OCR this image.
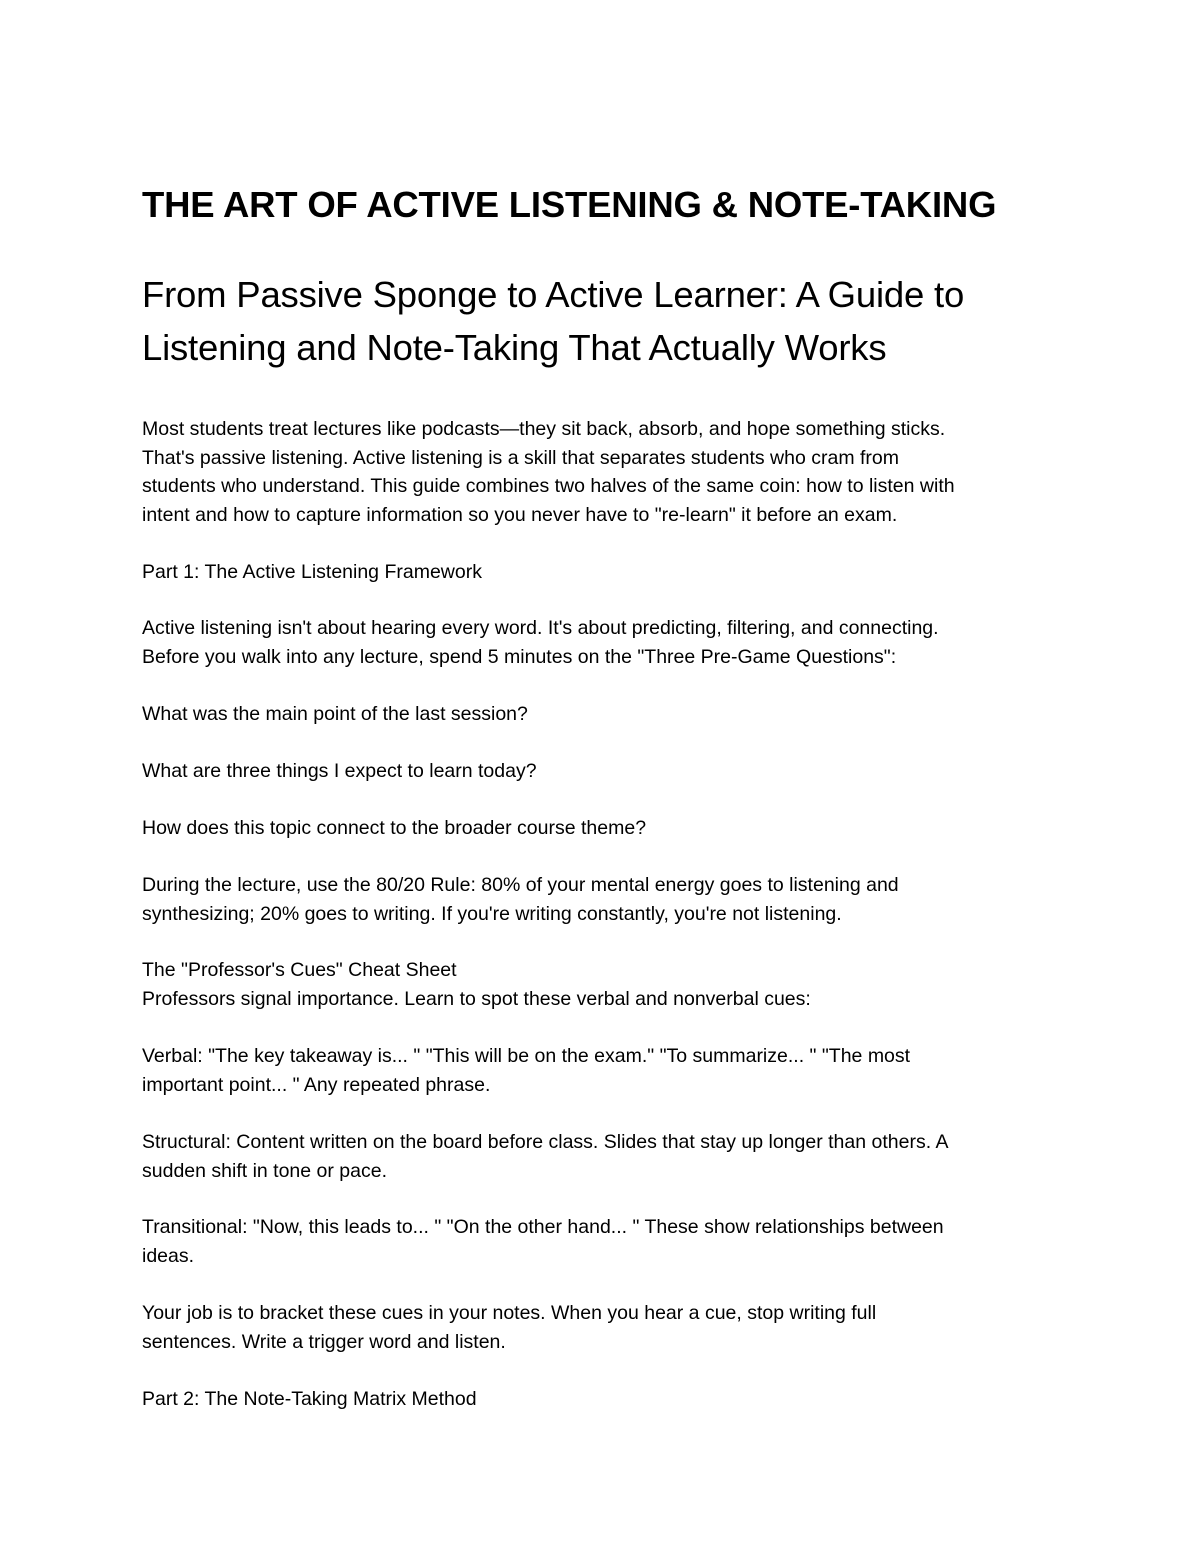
THE ART OF ACTIVE LISTENING & NOTE-TAKING
From Passive Sponge to Active Learner: A Guide to
Listening and Note-Taking That Actually Works

Most students treat lectures like podcasts—they sit back, absorb, and hope something sticks.
That's passive listening. Active listening is a skill that separates students who cram from
students who understand. This guide combines two halves of the same coin: how to listen with
intent and how to capture information so you never have to "re-learn" it before an exam.

Part 1: The Active Listening Framework

Active listening isn't about hearing every word. It's about predicting, filtering, and connecting.
Before you walk into any lecture, spend 5 minutes on the "Three Pre-Game Questions":

What was the main point of the last session?

What are three things I expect to learn today?

How does this topic connect to the broader course theme?

During the lecture, use the 80/20 Rule: 80% of your mental energy goes to listening and
synthesizing; 20% goes to writing. If you're writing constantly, you're not listening.

The "Professor's Cues" Cheat Sheet
Professors signal importance. Learn to spot these verbal and nonverbal cues:

Verbal: "The key takeaway is... " "This will be on the exam." "To summarize... " "The most
important point... " Any repeated phrase.

Structural: Content written on the board before class. Slides that stay up longer than others. A
sudden shift in tone or pace.

Transitional: "Now, this leads to... " "On the other hand... " These show relationships between
ideas.

Your job is to bracket these cues in your notes. When you hear a cue, stop writing full
sentences. Write a trigger word and listen.

Part 2: The Note-Taking Matrix Method
